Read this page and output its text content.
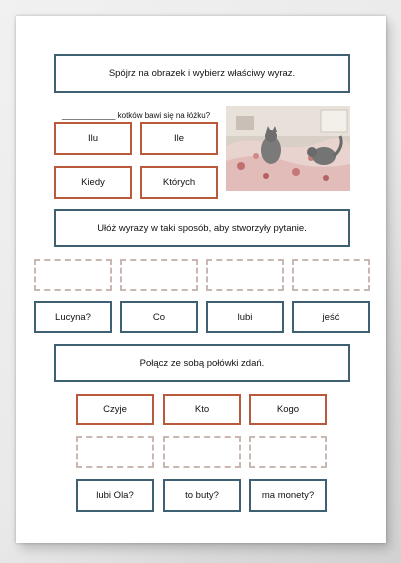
Spójrz na obrazek i wybierz właściwy wyraz.
____________ kotków bawi się na łóżku?
Ilu	Ile
Kiedy	Których
Ułóż wyrazy w taki sposób, aby stworzyły pytanie.
Lucyna?	Co	lubi	jeść
Połącz ze sobą połówki zdań.
Czyje	Kto	Kogo
lubi Ola?	to buty?	ma monety?
